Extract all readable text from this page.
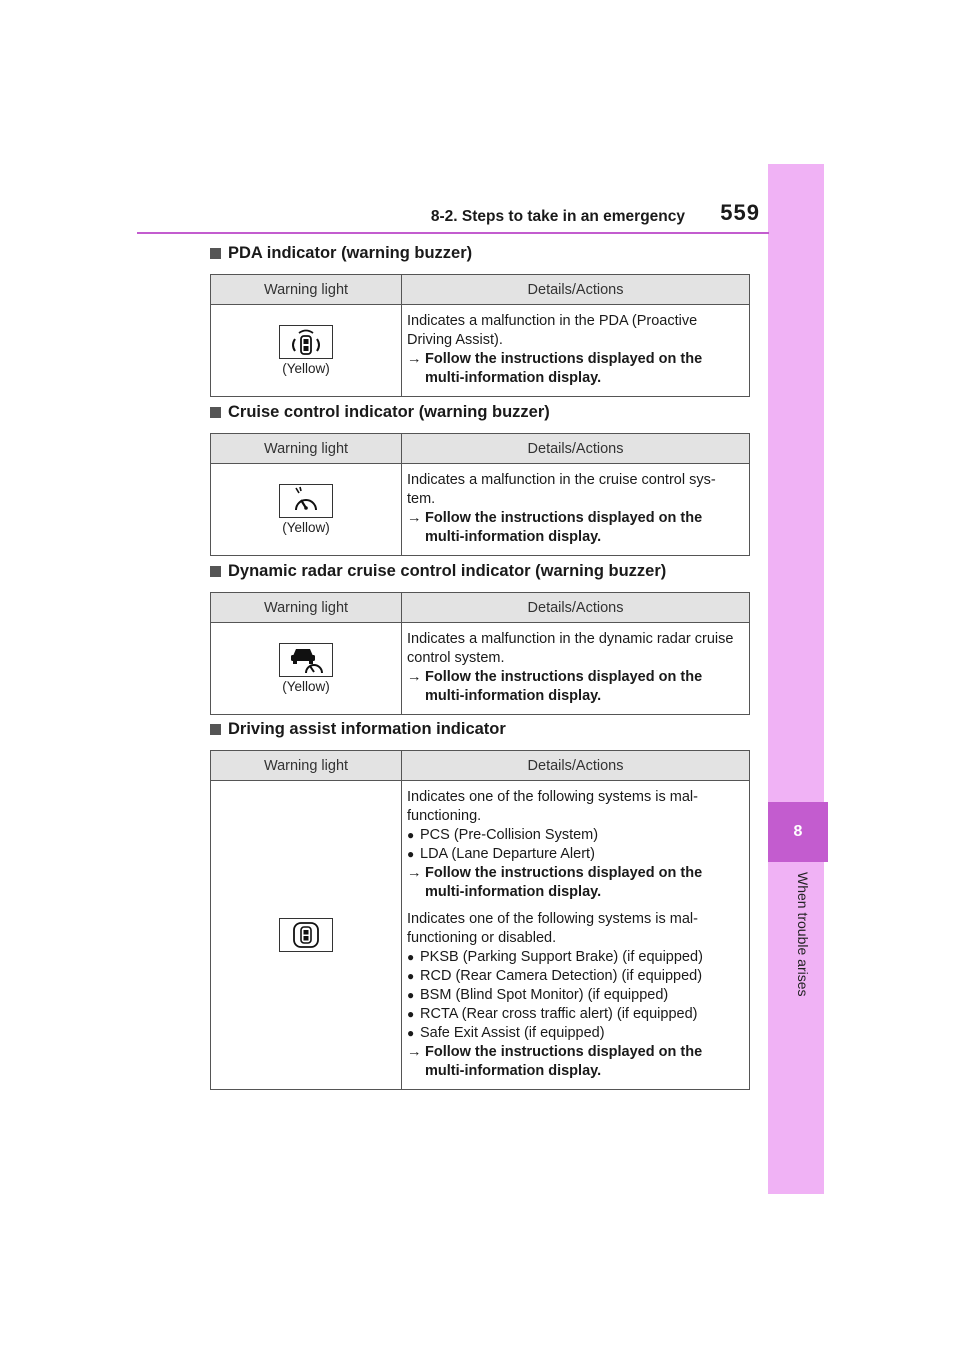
8
When trouble arises
8-2. Steps to take in an emergency	559
PDA indicator (warning buzzer)
Warning light	Details/Actions
(Yellow)

Indicates a malfunction in the PDA (Proactive Driving Assist).

→ Follow the instructions displayed on the multi-information display.

Cruise control indicator (warning buzzer)
Warning light	Details/Actions
(Yellow)

Indicates a malfunction in the cruise control sys-tem.

→ Follow the instructions displayed on the multi-information display.

Dynamic radar cruise control indicator (warning buzzer)
Warning light	Details/Actions
(Yellow)

Indicates a malfunction in the dynamic radar cruise control system.

→ Follow the instructions displayed on the multi-information display.

Driving assist information indicator
Warning light	Details/Actions

Indicates one of the following systems is mal-functioning.

● PCS (Pre-Collision System)
● LDA (Lane Departure Alert)

→ Follow the instructions displayed on the multi-information display.

Indicates one of the following systems is mal-functioning or disabled.

● PKSB (Parking Support Brake) (if equipped)
● RCD (Rear Camera Detection) (if equipped)
● BSM (Blind Spot Monitor) (if equipped)
● RCTA (Rear cross traffic alert) (if equipped)
● Safe Exit Assist (if equipped)

→ Follow the instructions displayed on the multi-information display.
